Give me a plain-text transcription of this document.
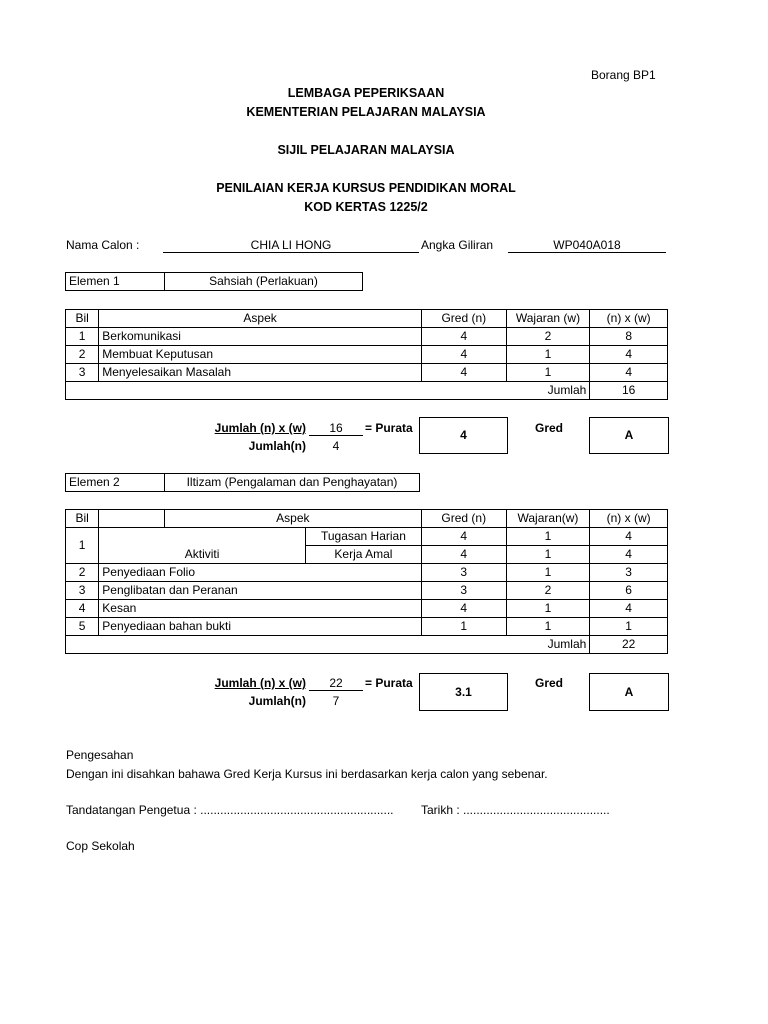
Borang BP1
LEMBAGA PEPERIKSAAN
KEMENTERIAN PELAJARAN MALAYSIA
SIJIL PELAJARAN MALAYSIA
PENILAIAN KERJA KURSUS PENDIDIKAN MORAL
KOD KERTAS 1225/2
Nama Calon :	CHIA LI HONG	Angka Giliran	WP040A018
Elemen 1	Sahsiah (Perlakuan)
Bil	Aspek	Gred (n)	Wajaran (w)	(n) x (w)
1	Berkomunikasi	4	2	8
2	Membuat Keputusan	4	1	4
3	Menyelesaikan Masalah	4	1	4
Jumlah				16
Jumlah (n) x (w)	16	= Purata
Jumlah(n)	4
4	Gred	A
Elemen 2	Iltizam (Pengalaman dan Penghayatan)
Bil		Aspek		Gred (n)	Wajaran(w)	(n) x (w)
1	Aktiviti		Tugasan Harian	4	1	4
			Kerja Amal	4	1	4
2	Penyediaan Folio			3	1	3
3	Penglibatan dan Peranan			3	2	6
4	Kesan			4	1	4
5	Penyediaan bahan bukti			1	1	1
Jumlah						22
Jumlah (n) x (w)	22	= Purata
Jumlah(n)	7
3.1
Gred
A
Pengesahan
Dengan ini disahkan bahawa Gred Kerja Kursus ini berdasarkan kerja calon yang sebenar.
Tandatangan Pengetua : .......................................................... Tarikh : ............................................
Cop Sekolah
